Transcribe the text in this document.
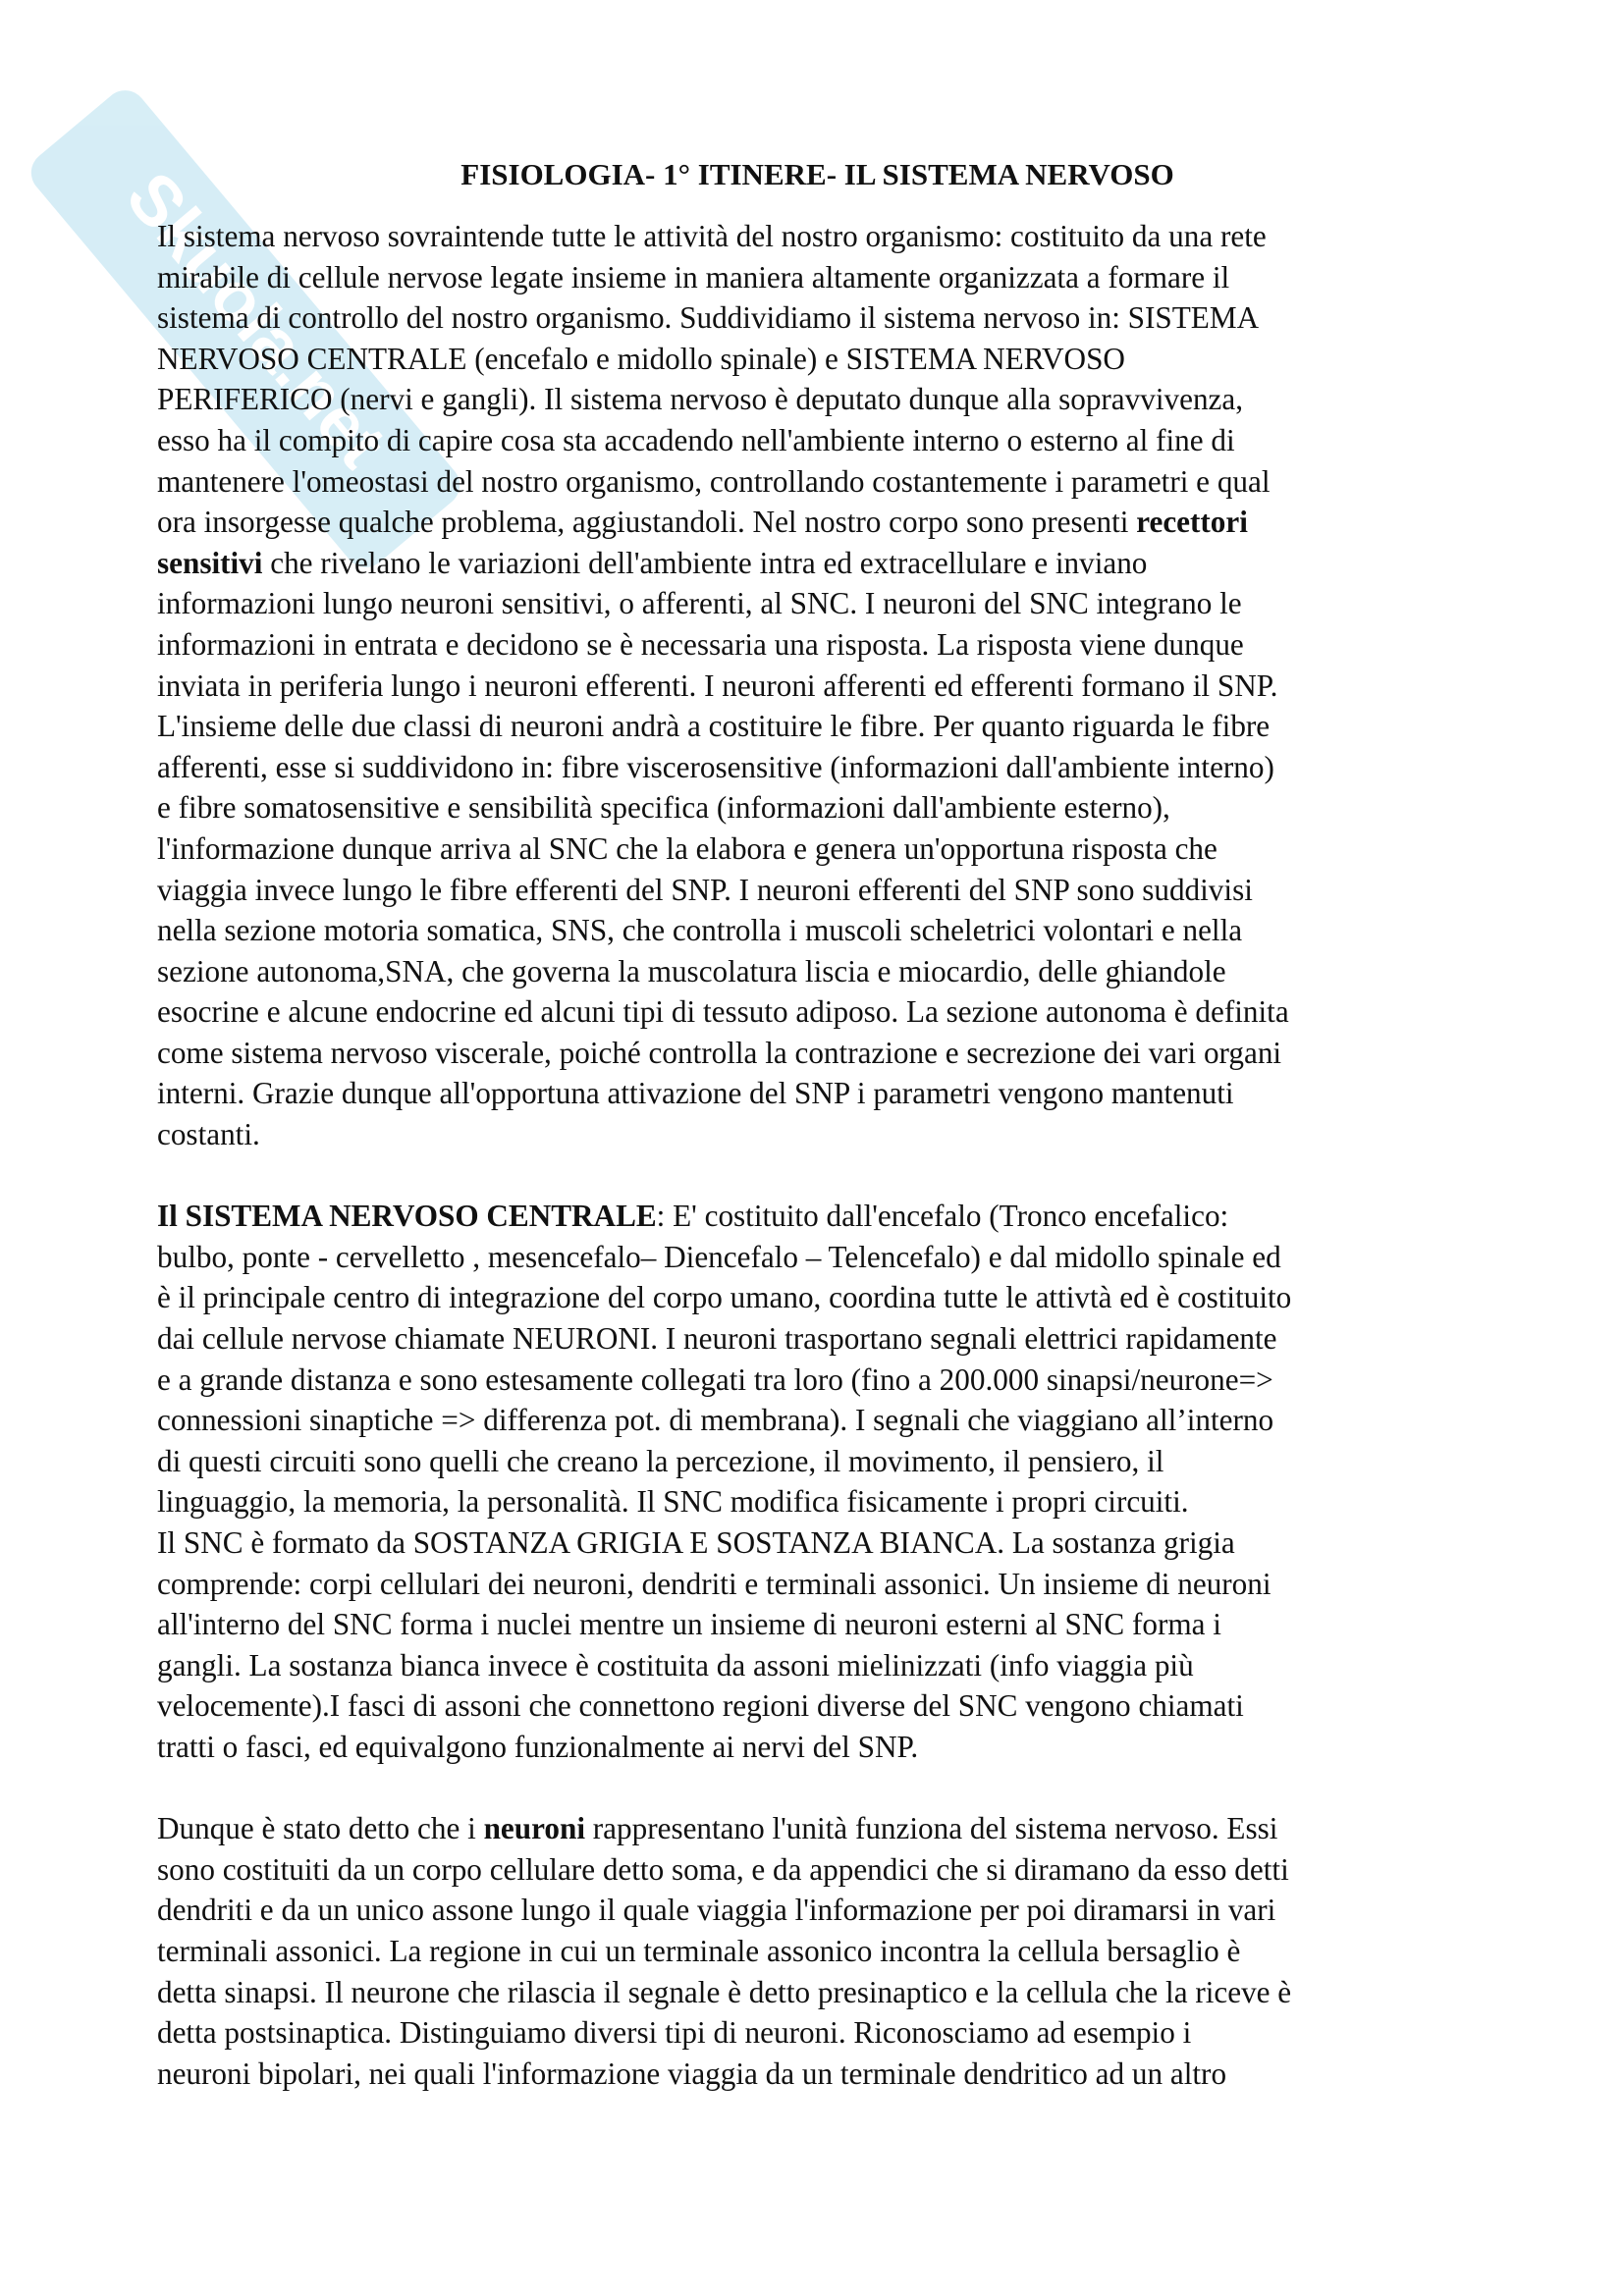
Skuola.net	FISIOLOGIA- 1° ITINERE- IL SISTEMA NERVOSO

Il sistema nervoso sovraintende tutte le attività del nostro organismo: costituito da una rete
mirabile di cellule nervose legate insieme in maniera altamente organizzata a formare il
sistema di controllo del nostro organismo. Suddividiamo il sistema nervoso in: SISTEMA
NERVOSO CENTRALE (encefalo e midollo spinale) e SISTEMA NERVOSO
PERIFERICO (nervi e gangli). Il sistema nervoso è deputato dunque alla sopravvivenza,
esso ha il compito di capire cosa sta accadendo nell'ambiente interno o esterno al fine di
mantenere l'omeostasi del nostro organismo, controllando costantemente i parametri e qual
ora insorgesse qualche problema, aggiustandoli. Nel nostro corpo sono presenti recettori
sensitivi che rivelano le variazioni dell'ambiente intra ed extracellulare e inviano
informazioni lungo neuroni sensitivi, o afferenti, al SNC. I neuroni del SNC integrano le
informazioni in entrata e decidono se è necessaria una risposta. La risposta viene dunque
inviata in periferia lungo i neuroni efferenti. I neuroni afferenti ed efferenti formano il SNP.
L'insieme delle due classi di neuroni andrà a costituire le fibre. Per quanto riguarda le fibre
afferenti, esse si suddividono in: fibre viscerosensitive (informazioni dall'ambiente interno)
e fibre somatosensitive e sensibilità specifica (informazioni dall'ambiente esterno),
l'informazione dunque arriva al SNC che la elabora e genera un'opportuna risposta che
viaggia invece lungo le fibre efferenti del SNP. I neuroni efferenti del SNP sono suddivisi
nella sezione motoria somatica, SNS, che controlla i muscoli scheletrici volontari e nella
sezione autonoma,SNA, che governa la muscolatura liscia e miocardio, delle ghiandole
esocrine e alcune endocrine ed alcuni tipi di tessuto adiposo. La sezione autonoma è definita
come sistema nervoso viscerale, poiché controlla la contrazione e secrezione dei vari organi
interni. Grazie dunque all'opportuna attivazione del SNP i parametri vengono mantenuti
costanti.

Il SISTEMA NERVOSO CENTRALE: E' costituito dall'encefalo (Tronco encefalico:
bulbo, ponte - cervelletto , mesencefalo– Diencefalo – Telencefalo) e dal midollo spinale ed
è il principale centro di integrazione del corpo umano, coordina tutte le attivtà ed è costituito
dai cellule nervose chiamate NEURONI. I neuroni trasportano segnali elettrici rapidamente
e a grande distanza e sono estesamente collegati tra loro (fino a 200.000 sinapsi/neurone=>
connessioni sinaptiche => differenza pot. di membrana). I segnali che viaggiano all’interno
di questi circuiti sono quelli che creano la percezione, il movimento, il pensiero, il
linguaggio, la memoria, la personalità. Il SNC modifica fisicamente i propri circuiti.
Il SNC è formato da SOSTANZA GRIGIA E SOSTANZA BIANCA. La sostanza grigia
comprende: corpi cellulari dei neuroni, dendriti e terminali assonici. Un insieme di neuroni
all'interno del SNC forma i nuclei mentre un insieme di neuroni esterni al SNC forma i
gangli. La sostanza bianca invece è costituita da assoni mielinizzati (info viaggia più
velocemente).I fasci di assoni che connettono regioni diverse del SNC vengono chiamati
tratti o fasci, ed equivalgono funzionalmente ai nervi del SNP.

Dunque è stato detto che i neuroni rappresentano l'unità funziona del sistema nervoso. Essi
sono costituiti da un corpo cellulare detto soma, e da appendici che si diramano da esso detti
dendriti e da un unico assone lungo il quale viaggia l'informazione per poi diramarsi in vari
terminali assonici. La regione in cui un terminale assonico incontra la cellula bersaglio è
detta sinapsi. Il neurone che rilascia il segnale è detto presinaptico e la cellula che la riceve è
detta postsinaptica. Distinguiamo diversi tipi di neuroni. Riconosciamo ad esempio i
neuroni bipolari, nei quali l'informazione viaggia da un terminale dendritico ad un altro
